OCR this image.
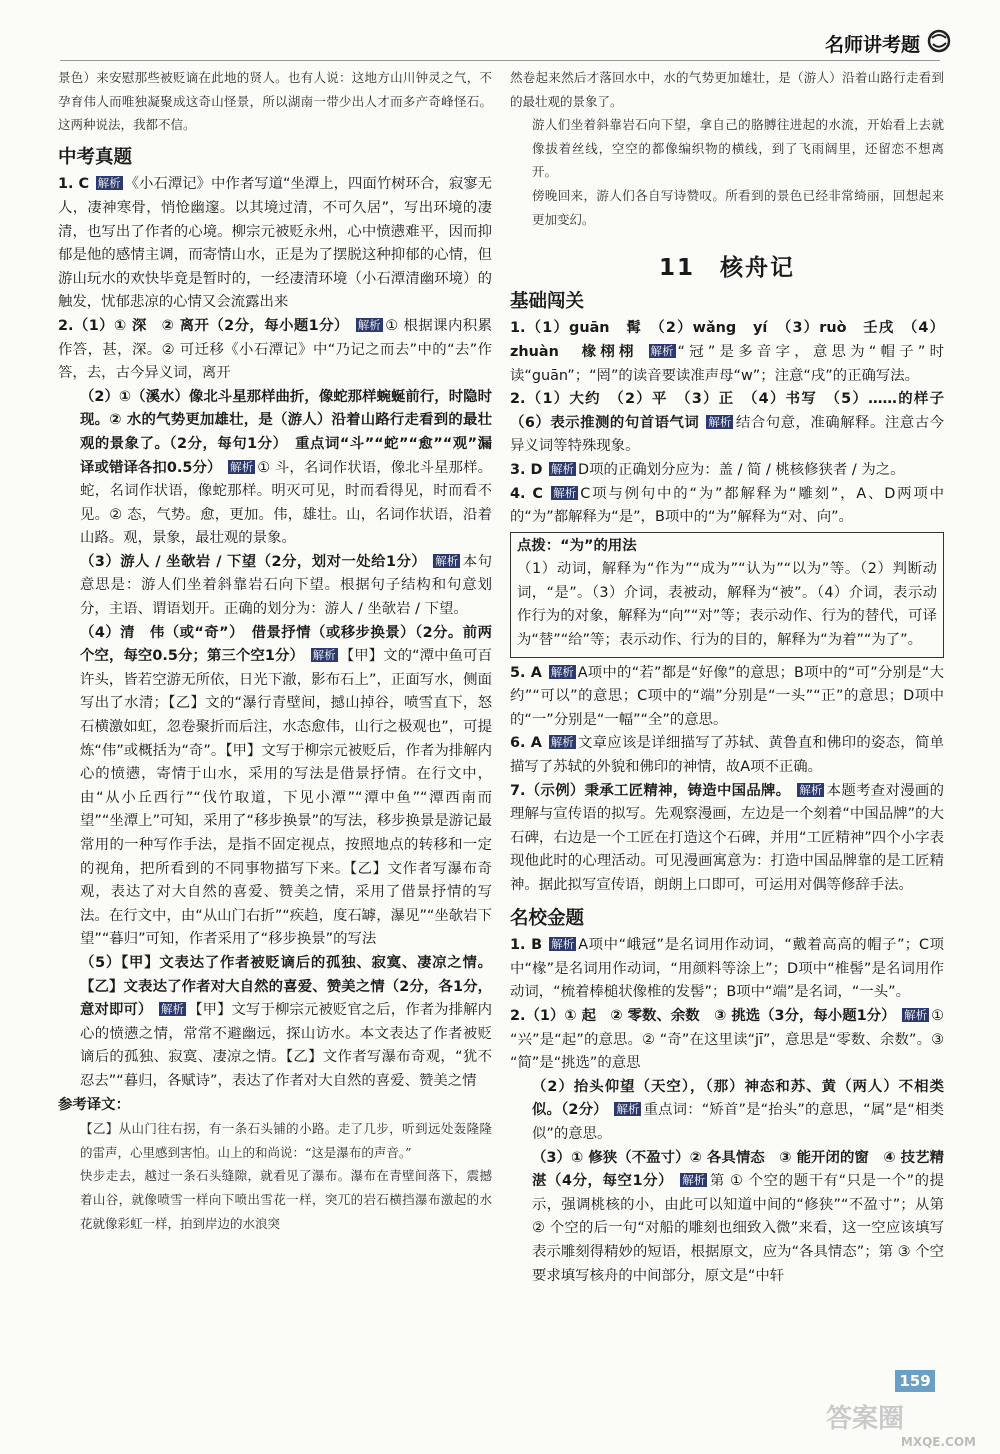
名师讲考题

景色）来安慰那些被贬谪在此地的贤人。也有人说：这地方山川钟灵之气，不孕育伟人而唯独凝聚成这奇山怪景，所以湖南一带少出人才而多产奇峰怪石。这两种说法，我都不信。

中考真题

1. C 解析 《小石潭记》中作者写道“坐潭上，四面竹树环合，寂寥无人，凄神寒骨，悄怆幽邃。以其境过清，不可久居”，写出环境的凄清，也写出了作者的心境。柳宗元被贬永州，心中愤懑难平，因而抑郁是他的感情主调，而寄情山水，正是为了摆脱这种抑郁的心情，但游山玩水的欢快毕竟是暂时的，一经凄清环境（小石潭清幽环境）的触发，忧郁悲凉的心情又会流露出来

2.（1）① 深　② 离开（2分，每小题1分） 解析 ① 根据课内积累作答，甚，深。② 可迁移《小石潭记》中“乃记之而去”中的“去”作答，去，古今异义词，离开

（2）①（溪水）像北斗星那样曲折，像蛇那样蜿蜒前行，时隐时现。② 水的气势更加雄壮，是（游人）沿着山路行走看到的最壮观的景象了。（2分，每句1分）　重点词“斗”“蛇”“愈”“观”漏译或错译各扣0.5分） 解析 ① 斗，名词作状语，像北斗星那样。蛇，名词作状语，像蛇那样。明灭可见，时而看得见，时而看不见。② 态，气势。愈，更加。伟，雄壮。山，名词作状语，沿着山路。观，景象，最壮观的景象。

（3）游人 / 坐欹岩 / 下望（2分，划对一处给1分） 解析 本句意思是：游人们坐着斜靠岩石向下望。根据句子结构和句意划分，主语、谓语划开。正确的划分为：游人 / 坐欹岩 / 下望。

（4）清　伟（或“奇”）　借景抒情（或移步换景）（2分。前两个空，每空0.5分；第三个空1分） 解析 【甲】文的“潭中鱼可百许头，皆若空游无所依，日光下澈，影布石上”，正面写水，侧面写出了水清；【乙】文的“瀑行青壁间，撼山掉谷，喷雪直下，怒石横激如虹，忽卷聚折而后注，水态愈伟，山行之极观也”，可提炼“伟”或概括为“奇”。【甲】文写于柳宗元被贬后，作者为排解内心的愤懑，寄情于山水，采用的写法是借景抒情。在行文中，由“从小丘西行”“伐竹取道，下见小潭”“潭中鱼”“潭西南而望”“坐潭上”可知，采用了“移步换景”的写法，移步换景是游记最常用的一种写作手法，是指不固定视点，按照地点的转移和一定的视角，把所看到的不同事物描写下来。【乙】文作者写瀑布奇观，表达了对大自然的喜爱、赞美之情，采用了借景抒情的写法。在行文中，由“从山门右折”“疾趋，度石罅，瀑见”“坐欹岩下望”“暮归”可知，作者采用了“移步换景”的写法

（5）【甲】文表达了作者被贬谪后的孤独、寂寞、凄凉之情。【乙】文表达了作者对大自然的喜爱、赞美之情（2分，各1分，意对即可） 解析 【甲】文写于柳宗元被贬官之后，作者为排解内心的愤懑之情，常常不避幽远，探山访水。本文表达了作者被贬谪后的孤独、寂寞、凄凉之情。【乙】文作者写瀑布奇观，“犹不忍去”“暮归，各赋诗”，表达了作者对大自然的喜爱、赞美之情

参考译文：

【乙】从山门往右拐，有一条石头铺的小路。走了几步，听到远处轰隆隆的雷声，心里感到害怕。山上的和尚说：“这是瀑布的声音。”

快步走去，越过一条石头缝隙，就看见了瀑布。瀑布在青壁间落下，震撼着山谷，就像喷雪一样向下喷出雪花一样，突兀的岩石横挡瀑布激起的水花就像彩虹一样，拍到岸边的水浪突

然卷起来然后才落回水中，水的气势更加雄壮，是（游人）沿着山路行走看到的最壮观的景象了。

游人们坐着斜靠岩石向下望，拿自己的胳膊往进起的水流，开始看上去就像拔着丝线，空空的都像编织物的横线，到了飞雨阔里，还留恋不想离开。

傍晚回来，游人们各自写诗赞叹。所看到的景色已经非常绮丽，回想起来更加变幻。

11　核舟记
基础闯关

1.（1）guān　髯　（2）wǎng　yí　（3）ruò　壬戌　（4）zhuàn　椽栩栩 解析 “冠”是多音字，意思为“帽子”时读“guān”；“罔”的读音要读准声母“w”；注意“戌”的正确写法。

2.（1）大约　（2）平　（3）正　（4）书写　（5）……的样子　（6）表示推测的句首语气词 解析 结合句意，准确解释。注意古今异义词等特殊现象。

3. D 解析 D项的正确划分应为：盖 / 简 / 桃核修狭者 / 为之。

4. C 解析 C项与例句中的“为”都解释为“雕刻”，A、D两项中的“为”都解释为“是”，B项中的“为”解释为“对、向”。

点拨：“为”的用法
（1）动词，解释为“作为”“成为”“认为”“以为”等。（2）判断动词，“是”。（3）介词，表被动，解释为“被”。（4）介词，表示动作行为的对象，解释为“向”“对”等；表示动作、行为的替代，可译为“替”“给”等；表示动作、行为的目的，解释为“为着”“为了”。

5. A 解析 A项中的“若”都是“好像”的意思；B项中的“可”分别是“大约”“可以”的意思；C项中的“端”分别是“一头”“正”的意思；D项中的“一”分别是“一幅”“全”的意思。

6. A 解析 文章应该是详细描写了苏轼、黄鲁直和佛印的姿态，简单描写了苏轼的外貌和佛印的神情，故A项不正确。

7.（示例）秉承工匠精神，铸造中国品牌。 解析 本题考查对漫画的理解与宣传语的拟写。先观察漫画，左边是一个刻着“中国品牌”的大石碑，右边是一个工匠在打造这个石碑，并用“工匠精神”四个小字表现他此时的心理活动。可见漫画寓意为：打造中国品牌靠的是工匠精神。据此拟写宣传语，朗朗上口即可，可运用对偶等修辞手法。

名校金题

1. B 解析 A项中“峨冠”是名词用作动词，“戴着高高的帽子”；C项中“椽”是名词用作动词，“用颜料等涂上”；D项中“椎髻”是名词用作动词，“梳着棒槌状像椎的发髻”；B项中“端”是名词，“一头”。

2.（1）① 起　② 零数、余数　③ 挑选（3分，每小题1分） 解析 ① “兴”是“起”的意思。② “奇”在这里读“jī”，意思是“零数、余数”。③ “简”是“挑选”的意思

（2）抬头仰望（天空），（那）神态和苏、黄（两人）不相类似。（2分） 解析 重点词：“矫首”是“抬头”的意思，“属”是“相类似”的意思。

（3）① 修狭（不盈寸）② 各具情态　③ 能开闭的窗　④ 技艺精湛（4分，每空1分） 解析 第 ① 个空的题干有“只是一个”的提示，强调桃核的小，由此可以知道中间的“修狭”“不盈寸”；从第 ② 个空的后一句“对船的雕刻也细致入微”来看，这一空应该填写表示雕刻得精妙的短语，根据原文，应为“各具情态”；第 ③ 个空要求填写核舟的中间部分，原文是“中轩

159
答案圈
MXQE.COM
